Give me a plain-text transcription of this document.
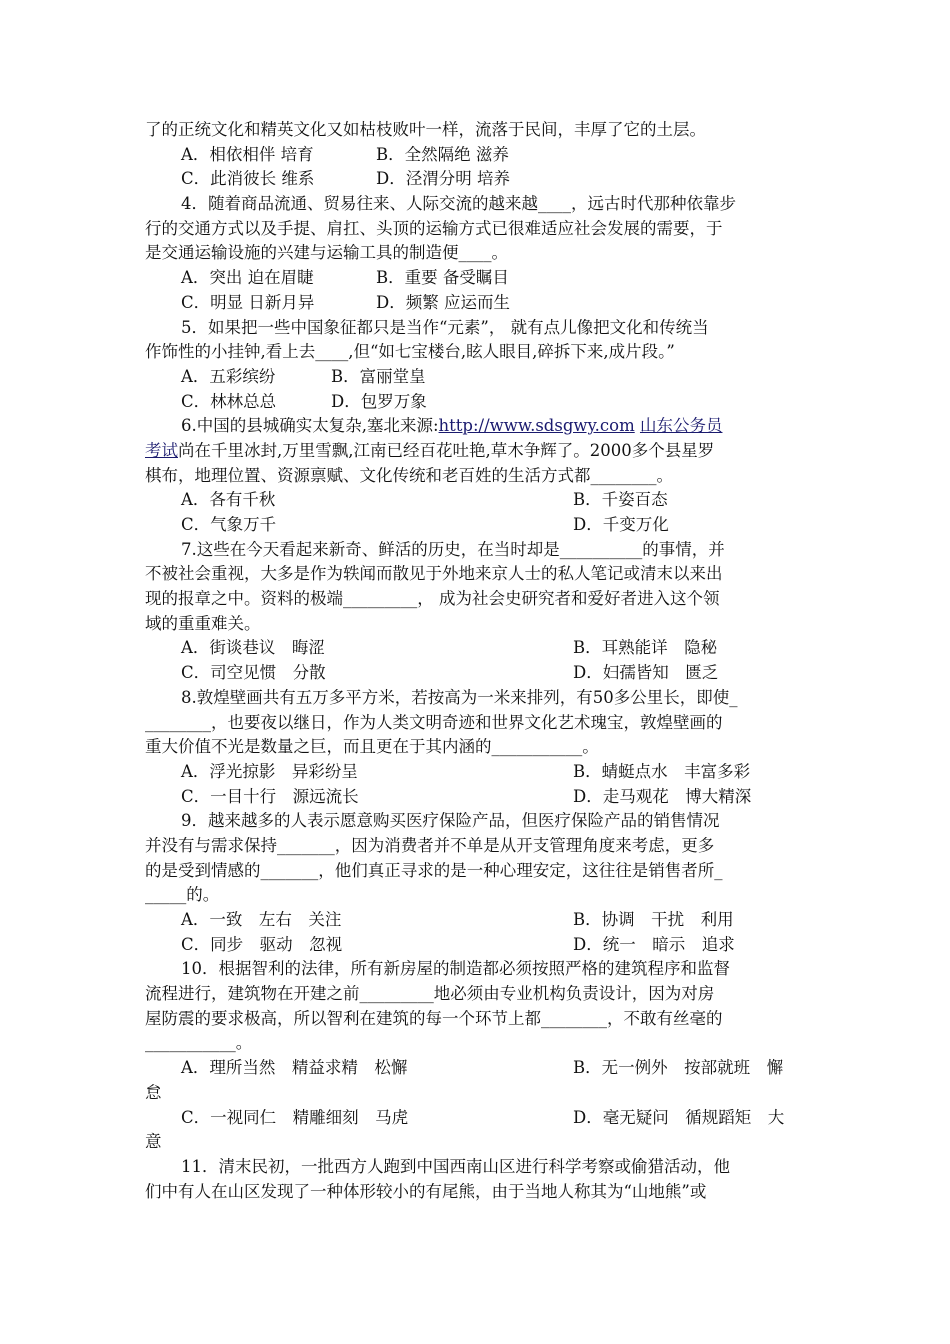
了的正统文化和精英文化又如枯枝败叶一样，流落于民间，丰厚了它的土层。
A．相依相伴 培育	B．全然隔绝 滋养
C．此消彼长 维系	D．泾渭分明 培养
4．随着商品流通、贸易往来、人际交流的越来越____，远古时代那种依靠步
行的交通方式以及手提、肩扛、头顶的运输方式已很难适应社会发展的需要，于
是交通运输设施的兴建与运输工具的制造便____。
A．突出 迫在眉睫	B．重要 备受瞩目
C．明显 日新月异	D．频繁 应运而生
5．如果把一些中国象征都只是当作“元素”， 就有点儿像把文化和传统当
作饰性的小挂钟,看上去____,但“如七宝楼台,眩人眼目,碎拆下来,成片段。”
A．五彩缤纷	B．富丽堂皇
C．林林总总	D．包罗万象
6.中国的县城确实太复杂,塞北来源:http://www.sdsgwy.com 山东公务员
考试尚在千里冰封,万里雪飘,江南已经百花吐艳,草木争辉了。2000多个县星罗
棋布，地理位置、资源禀赋、文化传统和老百姓的生活方式都________。
A．各有千秋	B．千姿百态
C．气象万千	D．千变万化
7.这些在今天看起来新奇、鲜活的历史，在当时却是__________的事情，并
不被社会重视，大多是作为轶闻而散见于外地来京人士的私人笔记或清末以来出
现的报章之中。资料的极端_________， 成为社会史研究者和爱好者进入这个领
域的重重难关。
A．街谈巷议　晦涩	B．耳熟能详　隐秘
C．司空见惯　分散	D．妇孺皆知　匮乏
8.敦煌壁画共有五万多平方米，若按高为一米来排列，有50多公里长，即使_
________，也要夜以继日，作为人类文明奇迹和世界文化艺术瑰宝，敦煌壁画的
重大价值不光是数量之巨，而且更在于其内涵的___________。
A．浮光掠影　异彩纷呈	B．蜻蜓点水　丰富多彩
C．一目十行　源远流长	D．走马观花　博大精深
9．越来越多的人表示愿意购买医疗保险产品，但医疗保险产品的销售情况
并没有与需求保持_______，因为消费者并不单是从开支管理角度来考虑，更多
的是受到情感的_______，他们真正寻求的是一种心理安定，这往往是销售者所_
_____的。
A．一致　左右　关注	B．协调　干扰　利用
C．同步　驱动　忽视	D．统一　暗示　追求
10．根据智利的法律，所有新房屋的制造都必须按照严格的建筑程序和监督
流程进行，建筑物在开建之前_________地必须由专业机构负责设计，因为对房
屋防震的要求极高，所以智利在建筑的每一个环节上都________，不敢有丝毫的
___________。
A．理所当然　精益求精　松懈	B．无一例外　按部就班　懈
怠
C．一视同仁　精雕细刻　马虎	D．毫无疑问　循规蹈矩　大
意
11．清末民初，一批西方人跑到中国西南山区进行科学考察或偷猎活动，他
们中有人在山区发现了一种体形较小的有尾熊，由于当地人称其为“山地熊”或
